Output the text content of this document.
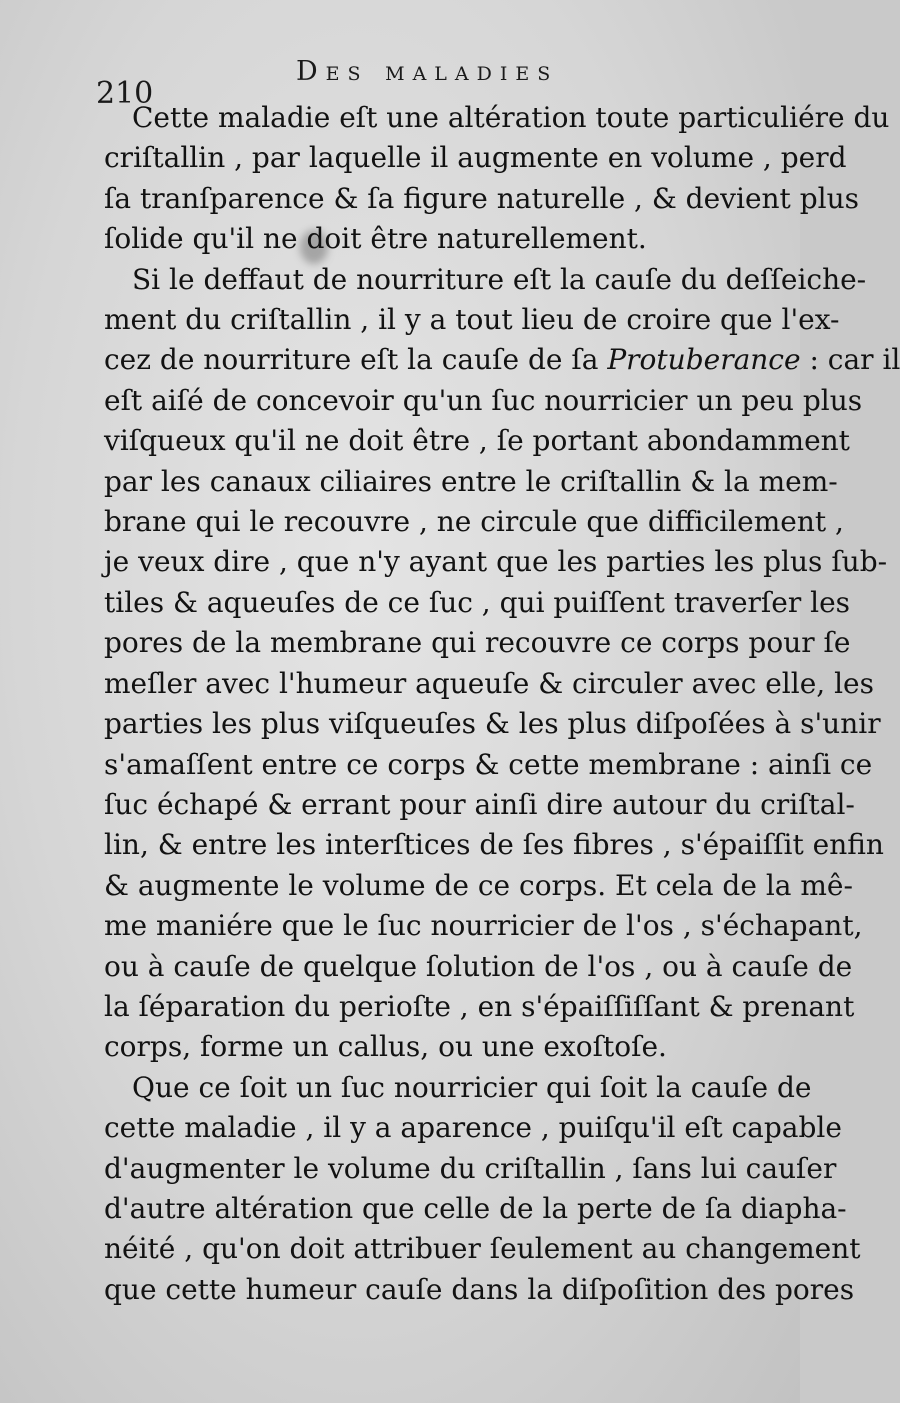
210
Des maladies

Cette maladie eſt une altération toute particuliére du
criſtallin , par laquelle il augmente en volume , perd
ſa tranſparence & ſa figure naturelle , & devient plus
ſolide qu'il ne doit être naturellement.

Si le deffaut de nourriture eſt la cauſe du deſſeiche-
ment du criſtallin , il y a tout lieu de croire que l'ex-
cez de nourriture eſt la cauſe de ſa Protuberance : car il
eſt aiſé de concevoir qu'un ſuc nourricier un peu plus
viſqueux qu'il ne doit être , ſe portant abondamment
par les canaux ciliaires entre le criſtallin & la mem-
brane qui le recouvre , ne circule que difficilement ,
je veux dire , que n'y ayant que les parties les plus ſub-
tiles & aqueuſes de ce ſuc , qui puiſſent traverſer les
pores de la membrane qui recouvre ce corps pour ſe
meſler avec l'humeur aqueuſe & circuler avec elle, les
parties les plus viſqueuſes & les plus diſpoſées à s'unir
s'amaſſent entre ce corps & cette membrane : ainſi ce
ſuc échapé & errant pour ainſi dire autour du criſtal-
lin, & entre les interſtices de ſes fibres , s'épaiſſit enfin
& augmente le volume de ce corps. Et cela de la mê-
me maniére que le ſuc nourricier de l'os , s'échapant,
ou à cauſe de quelque ſolution de l'os , ou à cauſe de
la ſéparation du perioſte , en s'épaiſſiſſant & prenant
corps, forme un callus, ou une exoſtoſe.

Que ce ſoit un ſuc nourricier qui ſoit la cauſe de
cette maladie , il y a aparence , puiſqu'il eſt capable
d'augmenter le volume du criſtallin , ſans lui cauſer
d'autre altération que celle de la perte de ſa diapha-
néité , qu'on doit attribuer ſeulement au changement
que cette humeur cauſe dans la diſpoſition des pores
